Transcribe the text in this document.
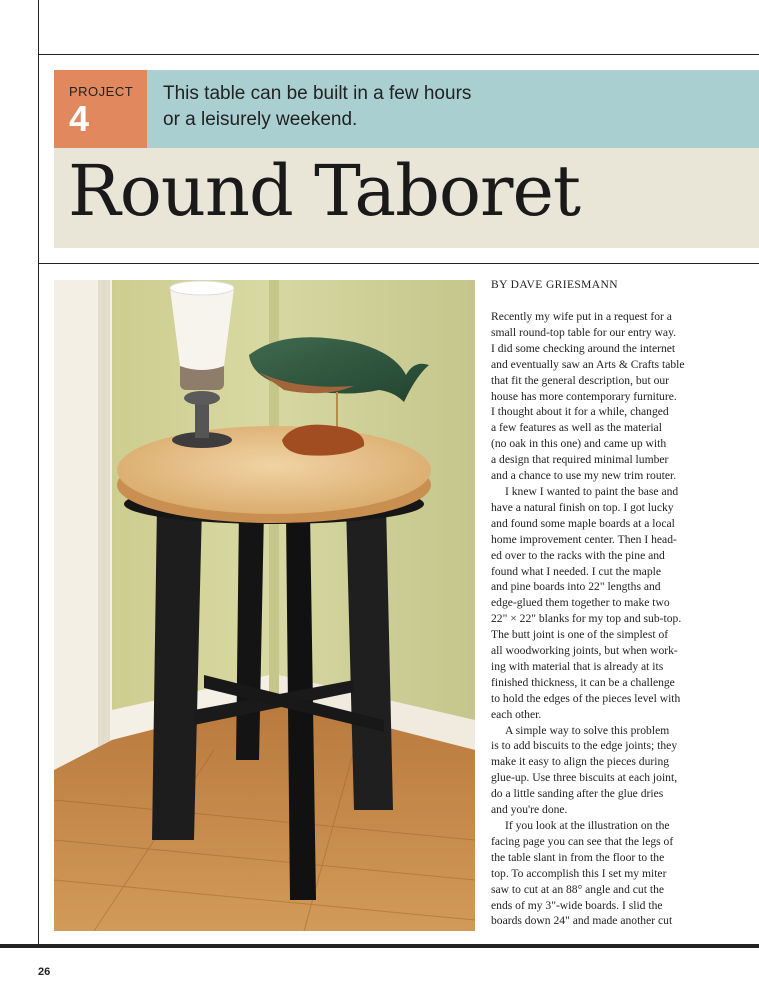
PROJECT
4
This table can be built in a few hours
or a leisurely weekend.
Round Taboret
BY DAVE GRIESMANN
Recently my wife put in a request for a
small round-top table for our entry way.
I did some checking around the internet
and eventually saw an Arts & Crafts table
that fit the general description, but our
house has more contemporary furniture.
I thought about it for a while, changed
a few features as well as the material
(no oak in this one) and came up with
a design that required minimal lumber
and a chance to use my new trim router.
I knew I wanted to paint the base and
have a natural finish on top. I got lucky
and found some maple boards at a local
home improvement center. Then I head-
ed over to the racks with the pine and
found what I needed. I cut the maple
and pine boards into 22" lengths and
edge-glued them together to make two
22" × 22" blanks for my top and sub-top.
The butt joint is one of the simplest of
all woodworking joints, but when work-
ing with material that is already at its
finished thickness, it can be a challenge
to hold the edges of the pieces level with
each other.
A simple way to solve this problem
is to add biscuits to the edge joints; they
make it easy to align the pieces during
glue-up. Use three biscuits at each joint,
do a little sanding after the glue dries
and you're done.
If you look at the illustration on the
facing page you can see that the legs of
the table slant in from the floor to the
top. To accomplish this I set my miter
saw to cut at an 88° angle and cut the
ends of my 3"-wide boards. I slid the
boards down 24" and made another cut
26
